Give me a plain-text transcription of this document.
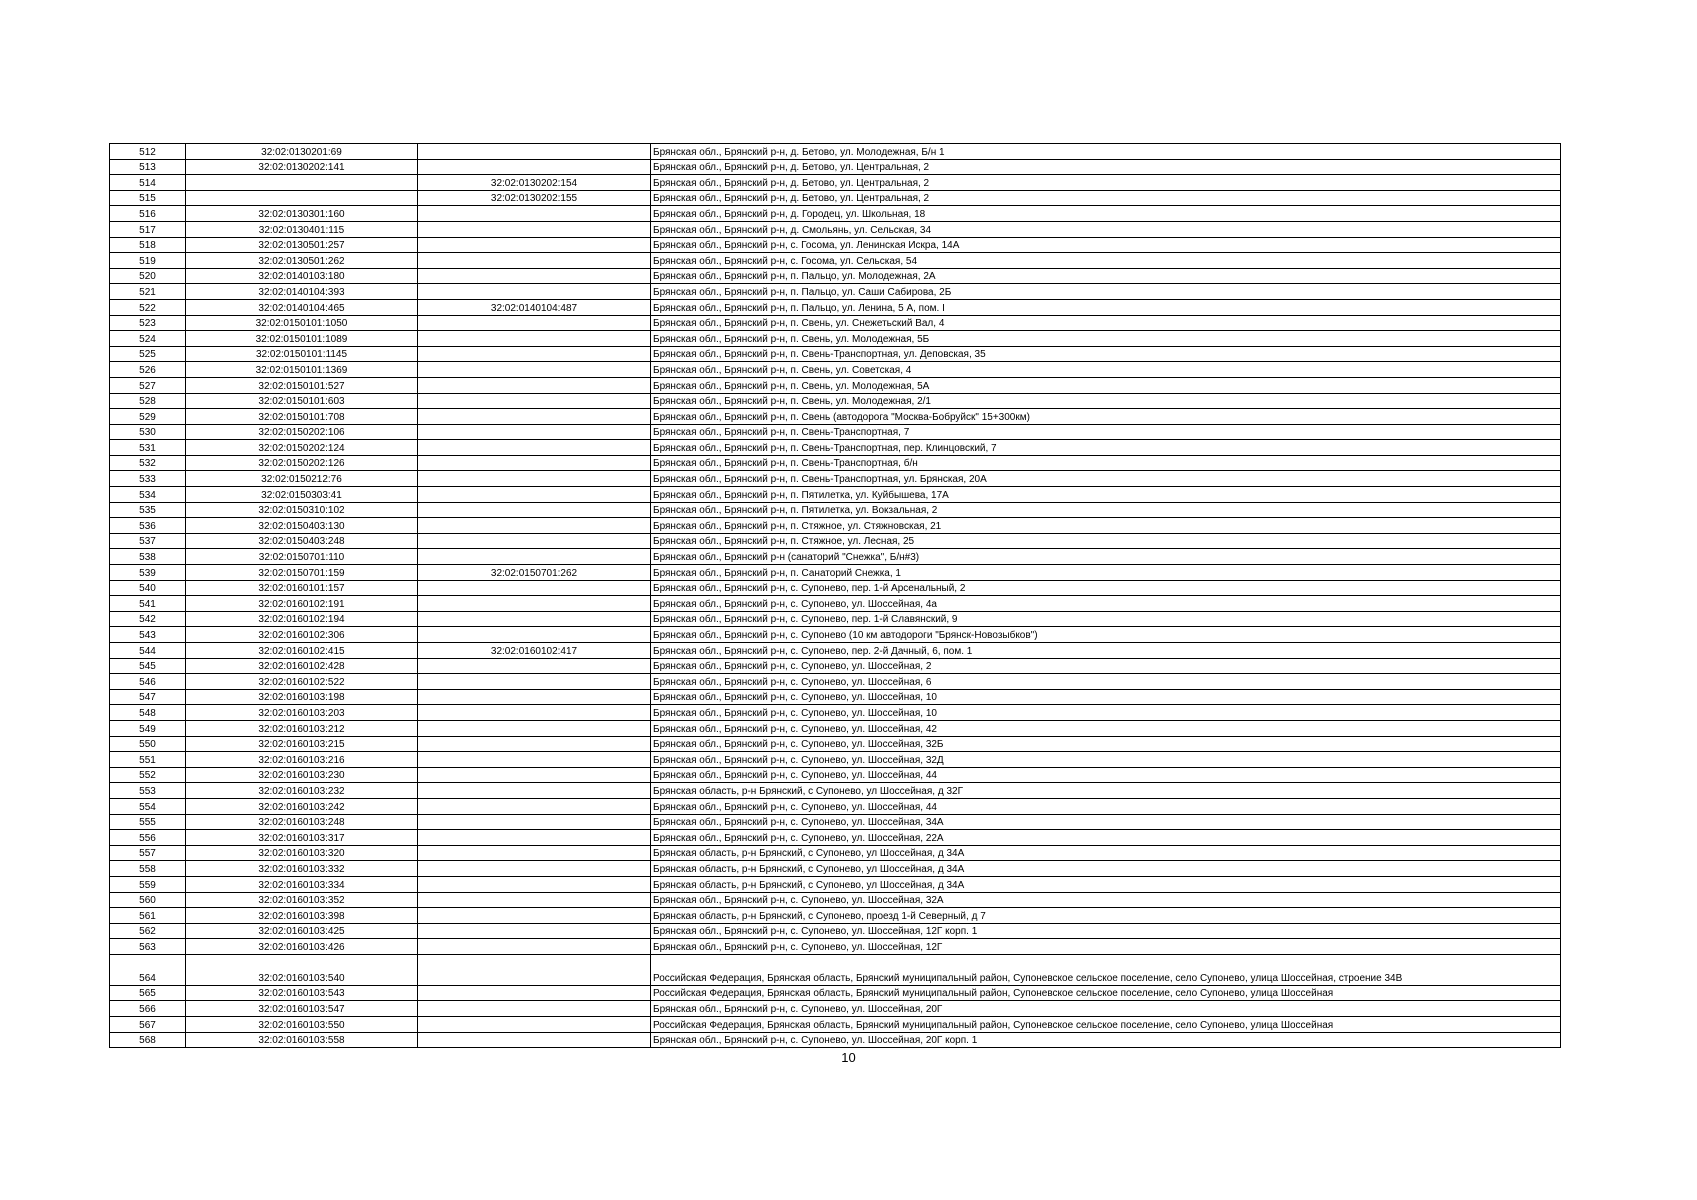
512	32:02:0130201:69		Брянская обл., Брянский р-н, д. Бетово, ул. Молодежная, Б/н 1
513	32:02:0130202:141		Брянская обл., Брянский р-н, д. Бетово, ул. Центральная, 2
514		32:02:0130202:154	Брянская обл., Брянский р-н, д. Бетово, ул. Центральная, 2
515		32:02:0130202:155	Брянская обл., Брянский р-н, д. Бетово, ул. Центральная, 2
516	32:02:0130301:160		Брянская обл., Брянский р-н, д. Городец, ул. Школьная, 18
517	32:02:0130401:115		Брянская обл., Брянский р-н, д. Смольянь, ул. Сельская, 34
518	32:02:0130501:257		Брянская обл., Брянский р-н, с. Госома, ул. Ленинская Искра, 14А
519	32:02:0130501:262		Брянская обл., Брянский р-н, с. Госома, ул. Сельская, 54
520	32:02:0140103:180		Брянская обл., Брянский р-н, п. Пальцо, ул. Молодежная, 2А
521	32:02:0140104:393		Брянская обл., Брянский р-н, п. Пальцо, ул. Саши Сабирова, 2Б
522	32:02:0140104:465	32:02:0140104:487	Брянская обл., Брянский р-н, п. Пальцо, ул. Ленина, 5 А, пом. I
523	32:02:0150101:1050		Брянская обл., Брянский р-н, п. Свень, ул. Снежетьский Вал, 4
524	32:02:0150101:1089		Брянская обл., Брянский р-н, п. Свень, ул. Молодежная, 5Б
525	32:02:0150101:1145		Брянская обл., Брянский р-н, п. Свень-Транспортная, ул. Деповская, 35
526	32:02:0150101:1369		Брянская обл., Брянский р-н, п. Свень, ул. Советская, 4
527	32:02:0150101:527		Брянская обл., Брянский р-н, п. Свень, ул. Молодежная, 5А
528	32:02:0150101:603		Брянская обл., Брянский р-н, п. Свень, ул. Молодежная, 2/1
529	32:02:0150101:708		Брянская обл., Брянский р-н, п. Свень (автодорога "Москва-Бобруйск" 15+300км)
530	32:02:0150202:106		Брянская обл., Брянский р-н, п. Свень-Транспортная, 7
531	32:02:0150202:124		Брянская обл., Брянский р-н, п. Свень-Транспортная, пер. Клинцовский, 7
532	32:02:0150202:126		Брянская обл., Брянский р-н, п. Свень-Транспортная, б/н
533	32:02:0150212:76		Брянская обл., Брянский р-н, п. Свень-Транспортная, ул. Брянская, 20А
534	32:02:0150303:41		Брянская обл., Брянский р-н, п. Пятилетка, ул. Куйбышева, 17А
535	32:02:0150310:102		Брянская обл., Брянский р-н, п. Пятилетка, ул. Вокзальная, 2
536	32:02:0150403:130		Брянская обл., Брянский р-н, п. Стяжное, ул. Стяжновская, 21
537	32:02:0150403:248		Брянская обл., Брянский р-н, п. Стяжное, ул. Лесная, 25
538	32:02:0150701:110		Брянская обл., Брянский р-н (санаторий "Снежка", Б/н#3)
539	32:02:0150701:159	32:02:0150701:262	Брянская обл., Брянский р-н, п. Санаторий Снежка, 1
540	32:02:0160101:157		Брянская обл., Брянский р-н, с. Супонево, пер. 1-й Арсенальный, 2
541	32:02:0160102:191		Брянская обл., Брянский р-н, с. Супонево, ул. Шоссейная, 4а
542	32:02:0160102:194		Брянская обл., Брянский р-н, с. Супонево, пер. 1-й Славянский, 9
543	32:02:0160102:306		Брянская обл., Брянский р-н, с. Супонево (10 км автодороги "Брянск-Новозыбков")
544	32:02:0160102:415	32:02:0160102:417	Брянская обл., Брянский р-н, с. Супонево, пер. 2-й Дачный, 6, пом. 1
545	32:02:0160102:428		Брянская обл., Брянский р-н, с. Супонево, ул. Шоссейная, 2
546	32:02:0160102:522		Брянская обл., Брянский р-н, с. Супонево, ул. Шоссейная, 6
547	32:02:0160103:198		Брянская обл., Брянский р-н, с. Супонево, ул. Шоссейная, 10
548	32:02:0160103:203		Брянская обл., Брянский р-н, с. Супонево, ул. Шоссейная, 10
549	32:02:0160103:212		Брянская обл., Брянский р-н, с. Супонево, ул. Шоссейная, 42
550	32:02:0160103:215		Брянская обл., Брянский р-н, с. Супонево, ул. Шоссейная, 32Б
551	32:02:0160103:216		Брянская обл., Брянский р-н, с. Супонево, ул. Шоссейная, 32Д
552	32:02:0160103:230		Брянская обл., Брянский р-н, с. Супонево, ул. Шоссейная, 44
553	32:02:0160103:232		Брянская область, р-н Брянский, с Супонево, ул Шоссейная, д 32Г
554	32:02:0160103:242		Брянская обл., Брянский р-н, с. Супонево, ул. Шоссейная, 44
555	32:02:0160103:248		Брянская обл., Брянский р-н, с. Супонево, ул. Шоссейная, 34А
556	32:02:0160103:317		Брянская обл., Брянский р-н, с. Супонево, ул. Шоссейная, 22А
557	32:02:0160103:320		Брянская область, р-н Брянский, с Супонево, ул Шоссейная, д 34А
558	32:02:0160103:332		Брянская область, р-н Брянский, с Супонево, ул Шоссейная, д 34А
559	32:02:0160103:334		Брянская область, р-н Брянский, с Супонево, ул Шоссейная, д 34А
560	32:02:0160103:352		Брянская обл., Брянский р-н, с. Супонево, ул. Шоссейная, 32А
561	32:02:0160103:398		Брянская область, р-н Брянский, с Супонево, проезд 1-й Северный, д 7
562	32:02:0160103:425		Брянская обл., Брянский р-н, с. Супонево, ул. Шоссейная, 12Г корп. 1
563	32:02:0160103:426		Брянская обл., Брянский р-н, с. Супонево, ул. Шоссейная, 12Г
564	32:02:0160103:540		Российская Федерация, Брянская область, Брянский муниципальный район, Супоневское сельское поселение, село Супонево, улица Шоссейная, строение 34В
565	32:02:0160103:543		Российская Федерация, Брянская область, Брянский муниципальный район, Супоневское сельское поселение, село Супонево, улица Шоссейная
566	32:02:0160103:547		Брянская обл., Брянский р-н, с. Супонево, ул. Шоссейная, 20Г
567	32:02:0160103:550		Российская Федерация, Брянская область, Брянский муниципальный район, Супоневское сельское поселение, село Супонево, улица Шоссейная
568	32:02:0160103:558		Брянская обл., Брянский р-н, с. Супонево, ул. Шоссейная, 20Г корп. 1
10
